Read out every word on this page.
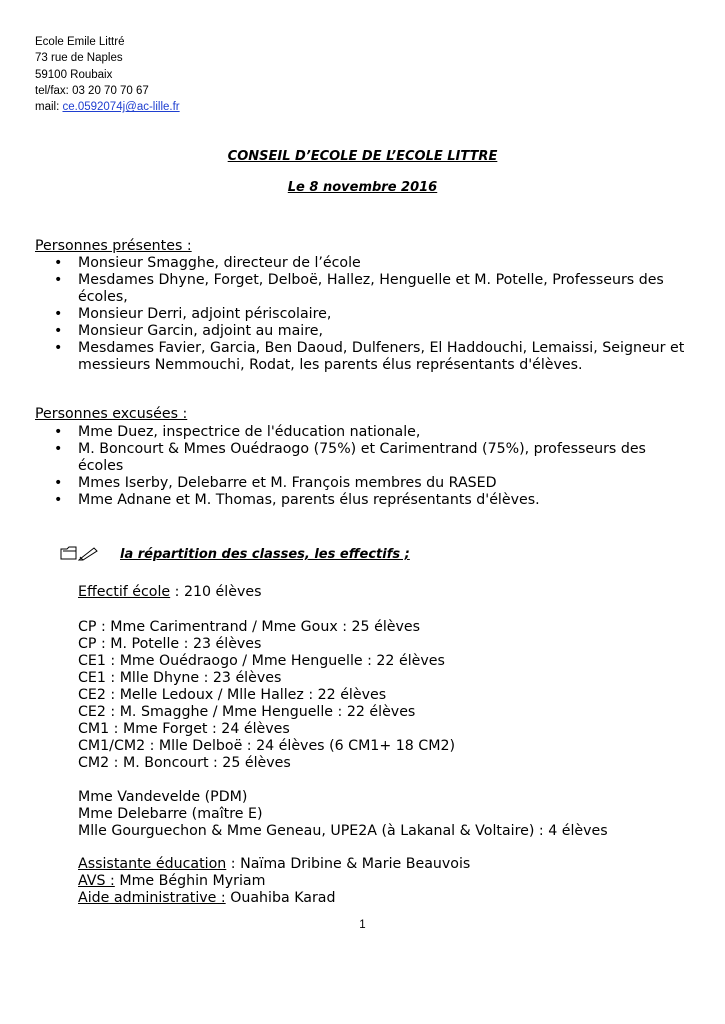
Ecole Emile Littré
73 rue de Naples
59100 Roubaix
tel/fax: 03 20 70 70 67
mail: ce.0592074j@ac-lille.fr
CONSEIL D’ECOLE DE L’ECOLE LITTRE
Le 8 novembre 2016
Personnes présentes :
• Monsieur Smagghe, directeur de l’école
• Mesdames Dhyne, Forget, Delboë, Hallez, Henguelle et M. Potelle, Professeurs des écoles,
• Monsieur Derri, adjoint périscolaire,
• Monsieur Garcin, adjoint au maire,
• Mesdames Favier, Garcia, Ben Daoud, Dulfeners, El Haddouchi, Lemaissi, Seigneur et messieurs Nemmouchi, Rodat, les parents élus représentants d'élèves.
Personnes excusées :
• Mme Duez, inspectrice de l'éducation nationale,
• M. Boncourt & Mmes Ouédraogo (75%) et Carimentrand (75%), professeurs des écoles
• Mmes Iserby, Delebarre et M. François membres du RASED
• Mme Adnane et M. Thomas, parents élus représentants d'élèves.
la répartition des classes, les effectifs ;
Effectif école : 210 élèves
CP : Mme Carimentrand / Mme Goux : 25 élèves
CP : M. Potelle : 23 élèves
CE1 : Mme Ouédraogo / Mme Henguelle : 22 élèves
CE1 : Mlle Dhyne : 23 élèves
CE2 : Melle Ledoux / Mlle Hallez : 22 élèves
CE2 : M. Smagghe / Mme Henguelle : 22 élèves
CM1 : Mme Forget : 24 élèves
CM1/CM2 : Mlle Delboë : 24 élèves (6 CM1+ 18 CM2)
CM2 : M. Boncourt : 25 élèves
Mme Vandevelde (PDM)
Mme Delebarre (maître E)
Mlle Gourguechon & Mme Geneau, UPE2A (à Lakanal & Voltaire) : 4 élèves
Assistante éducation : Naïma Dribine & Marie Beauvois
AVS : Mme Béghin Myriam
Aide administrative : Ouahiba Karad
1
